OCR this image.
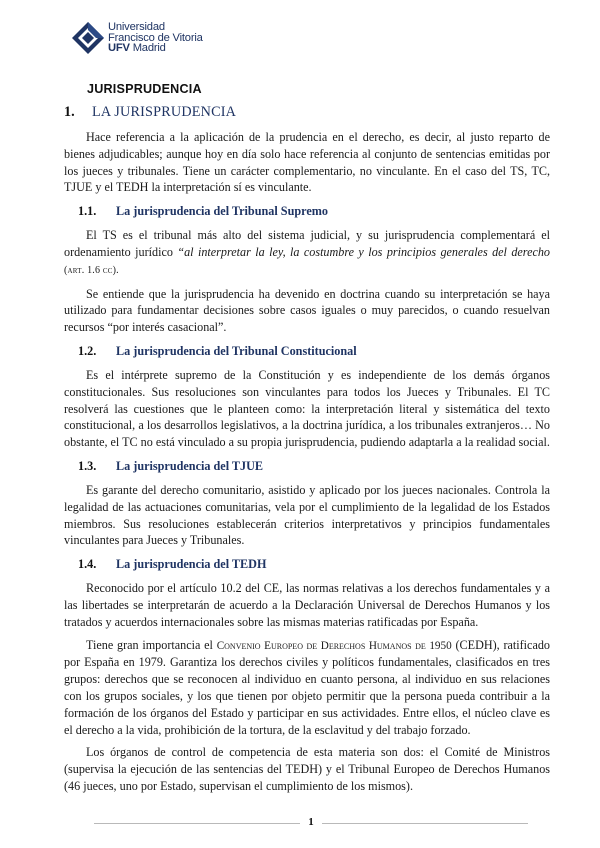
Universidad
Francisco de Vitoria
UFV Madrid
JURISPRUDENCIA
1.	LA JURISPRUDENCIA

Hace referencia a la aplicación de la prudencia en el derecho, es decir, al justo reparto de bienes adjudicables; aunque hoy en día solo hace referencia al conjunto de sentencias emitidas por los jueces y tribunales. Tiene un carácter complementario, no vinculante. En el caso del TS, TC, TJUE y el TEDH la interpretación sí es vinculante.

1.1.	La jurisprudencia del Tribunal Supremo

El TS es el tribunal más alto del sistema judicial, y su jurisprudencia complementará el ordenamiento jurídico “al interpretar la ley, la costumbre y los principios generales del derecho (art. 1.6 cc).

Se entiende que la jurisprudencia ha devenido en doctrina cuando su interpretación se haya utilizado para fundamentar decisiones sobre casos iguales o muy parecidos, o cuando resuelvan recursos “por interés casacional”.

1.2.	La jurisprudencia del Tribunal Constitucional

Es el intérprete supremo de la Constitución y es independiente de los demás órganos constitucionales. Sus resoluciones son vinculantes para todos los Jueces y Tribunales. El TC resolverá las cuestiones que le planteen como: la interpretación literal y sistemática del texto constitucional, a los desarrollos legislativos, a la doctrina jurídica, a los tribunales extranjeros… No obstante, el TC no está vinculado a su propia jurisprudencia, pudiendo adaptarla a la realidad social.

1.3.	La jurisprudencia del TJUE

Es garante del derecho comunitario, asistido y aplicado por los jueces nacionales. Controla la legalidad de las actuaciones comunitarias, vela por el cumplimiento de la legalidad de los Estados miembros. Sus resoluciones establecerán criterios interpretativos y principios fundamentales vinculantes para Jueces y Tribunales.

1.4.	La jurisprudencia del TEDH

Reconocido por el artículo 10.2 del CE, las normas relativas a los derechos fundamentales y a las libertades se interpretarán de acuerdo a la Declaración Universal de Derechos Humanos y los tratados y acuerdos internacionales sobre las mismas materias ratificadas por España.

Tiene gran importancia el Convenio Europeo de Derechos Humanos de 1950 (CEDH), ratificado por España en 1979. Garantiza los derechos civiles y políticos fundamentales, clasificados en tres grupos: derechos que se reconocen al individuo en cuanto persona, al individuo en sus relaciones con los grupos sociales, y los que tienen por objeto permitir que la persona pueda contribuir a la formación de los órganos del Estado y participar en sus actividades. Entre ellos, el núcleo clave es el derecho a la vida, prohibición de la tortura, de la esclavitud y del trabajo forzado.

Los órganos de control de competencia de esta materia son dos: el Comité de Ministros (supervisa la ejecución de las sentencias del TEDH) y el Tribunal Europeo de Derechos Humanos (46 jueces, uno por Estado, supervisan el cumplimiento de los mismos).

1
